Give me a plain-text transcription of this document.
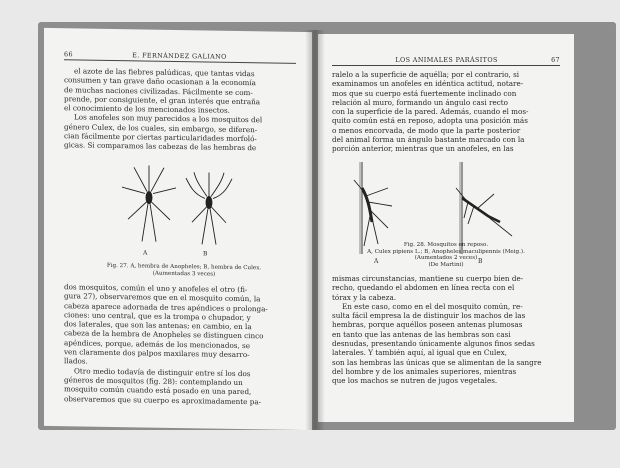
66	E. FERNÁNDEZ GALIANO
el azote de las fiebres palúdicas, que tantas vidas
consumen y tan grave daño ocasionan a la economía
de muchas naciones civilizadas. Fácilmente se com-
prende, por consiguiente, el gran interés que entraña
el conocimiento de los mencionados insectos.
Los anofeles son muy parecidos a los mosquitos del
género Culex, de los cuales, sin embargo, se diferen-
cian fácilmente por ciertas particularidades morfoló-
gicas. Si comparamos las cabezas de las hembras de
A	B
Fig. 27. A, hembra de Anopheles; B, hembra de Culex.
(Aumentadas 3 veces)
dos mosquitos, común el uno y anofeles el otro (fi-
gura 27), observaremos que en el mosquito común, la
cabeza aparece adornada de tres apéndices o prolonga-
ciones: uno central, que es la trompa o chupador, y
dos laterales, que son las antenas; en cambio, en la
cabeza de la hembra de Anopheles se distinguen cinco
apéndices, porque, además de los mencionados, se
ven claramente dos palpos maxilares muy desarro-
llados.
Otro medio todavía de distinguir entre sí los dos
géneros de mosquitos (fig. 28): contemplando un
mosquito común cuando está posado en una pared,
observaremos que su cuerpo es aproximadamente pa-
LOS ANIMALES PARÁSITOS	67
ralelo a la superficie de aquélla; por el contrario, si
examinamos un anofeles en idéntica actitud, notare-
mos que su cuerpo está fuertemente inclinado con
relación al muro, formando un ángulo casi recto
con la superficie de la pared. Además, cuando el mos-
quito común está en reposo, adopta una posición más
o menos encorvada, de modo que la parte posterior
del animal forma un ángulo bastante marcado con la
porción anterior, mientras que un anofeles, en las
A	B
Fig. 28. Mosquitos en reposo.
A, Culex pipiens L.; B, Anopheles maculipennis (Meig.).
(Aumentados 2 veces)
(De Martini)
mismas circunstancias, mantiene su cuerpo bien de-
recho, quedando el abdomen en línea recta con el
tórax y la cabeza.
En este caso, como en el del mosquito común, re-
sulta fácil empresa la de distinguir los machos de las
hembras, porque aquéllos poseen antenas plumosas
en tanto que las antenas de las hembras son casi
desnudas, presentando únicamente algunos finos sedas
laterales. Y también aquí, al igual que en Culex,
son las hembras las únicas que se alimentan de la sangre
del hombre y de los animales superiores, mientras
que los machos se nutren de jugos vegetales.
